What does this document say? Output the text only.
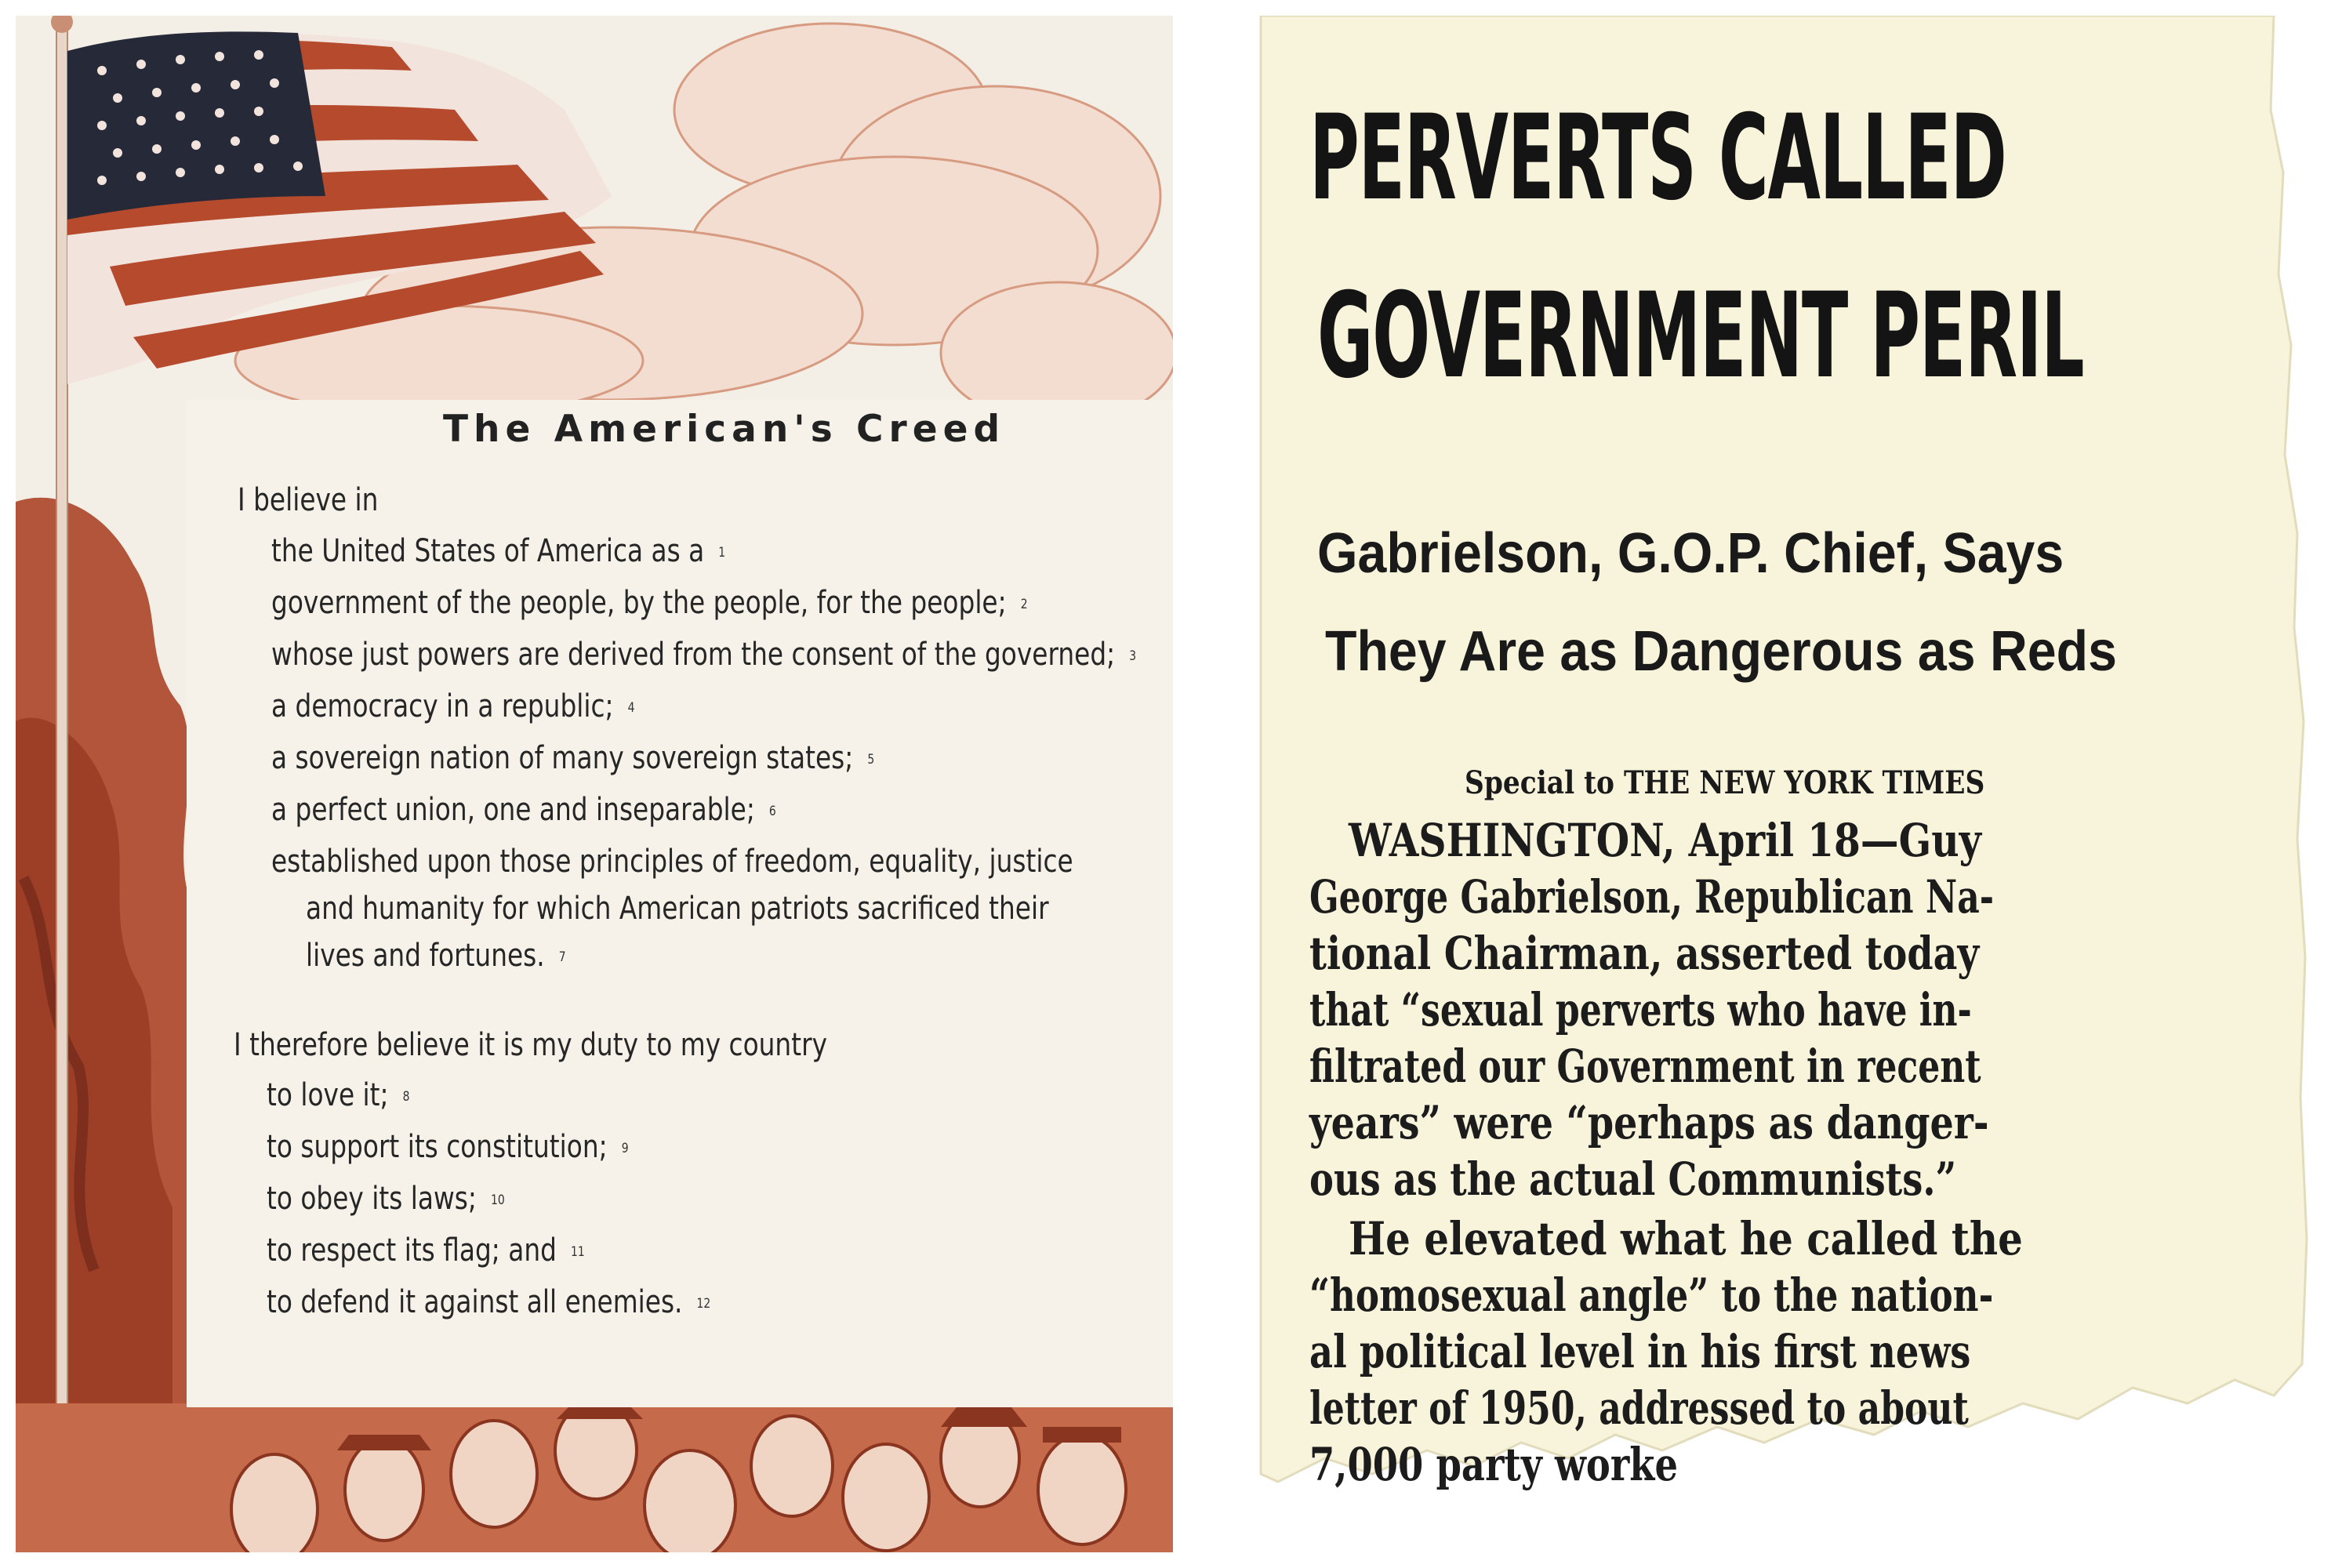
The American's Creed

I believe in

the United States of America as a 1

government of the people, by the people, for the people; 2

whose just powers are derived from the consent of the governed; 3

a democracy in a republic; 4

a sovereign nation of many sovereign states; 5

a perfect union, one and inseparable; 6

established upon those principles of freedom, equality, justice

and humanity for which American patriots sacrificed their

lives and fortunes. 7

I therefore believe it is my duty to my country

to love it; 8

to support its constitution; 9

to obey its laws; 10

to respect its flag; and 11

to defend it against all enemies. 12

PERVERTS CALLED
GOVERNMENT PERIL
Gabrielson, G.O.P. Chief, Says
They Are as Dangerous as Reds

Special to THE NEW YORK TIMES

WASHINGTON, April 18—Guy

George Gabrielson, Republican Na-

tional Chairman, asserted today

that “sexual perverts who have in-

filtrated our Government in recent

years” were “perhaps as danger-

ous as the actual Communists.”

He elevated what he called the

“homosexual angle” to the nation-

al political level in his first news

letter of 1950, addressed to about

7,000 party worke
